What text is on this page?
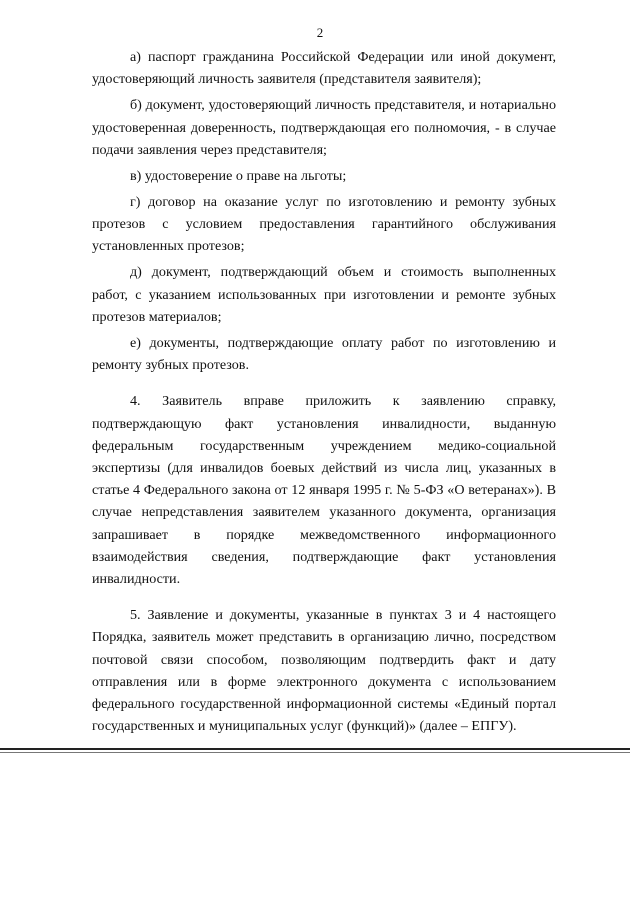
2

а) паспорт гражданина Российской Федерации или иной документ, удостоверяющий личность заявителя (представителя заявителя);

б) документ, удостоверяющий личность представителя, и нотариально удостоверенная доверенность, подтверждающая его полномочия, - в случае подачи заявления через представителя;

в) удостоверение о праве на льготы;

г) договор на оказание услуг по изготовлению и ремонту зубных протезов с условием предоставления гарантийного обслуживания установленных протезов;

д) документ, подтверждающий объем и стоимость выполненных работ, с указанием использованных при изготовлении и ремонте зубных протезов материалов;

е) документы, подтверждающие оплату работ по изготовлению и ремонту зубных протезов.

4. Заявитель вправе приложить к заявлению справку, подтверждающую факт установления инвалидности, выданную федеральным государственным учреждением медико-социальной экспертизы (для инвалидов боевых действий из числа лиц, указанных в статье 4 Федерального закона от 12 января 1995 г. № 5-ФЗ «О ветеранах»). В случае непредставления заявителем указанного документа, организация запрашивает в порядке межведомственного информационного взаимодействия сведения, подтверждающие факт установления инвалидности.

5. Заявление и документы, указанные в пунктах 3 и 4 настоящего Порядка, заявитель может представить в организацию лично, посредством почтовой связи способом, позволяющим подтвердить факт и дату отправления или в форме электронного документа с использованием федерального государственной информационной системы «Единый портал государственных и муниципальных услуг (функций)» (далее – ЕПГУ).
